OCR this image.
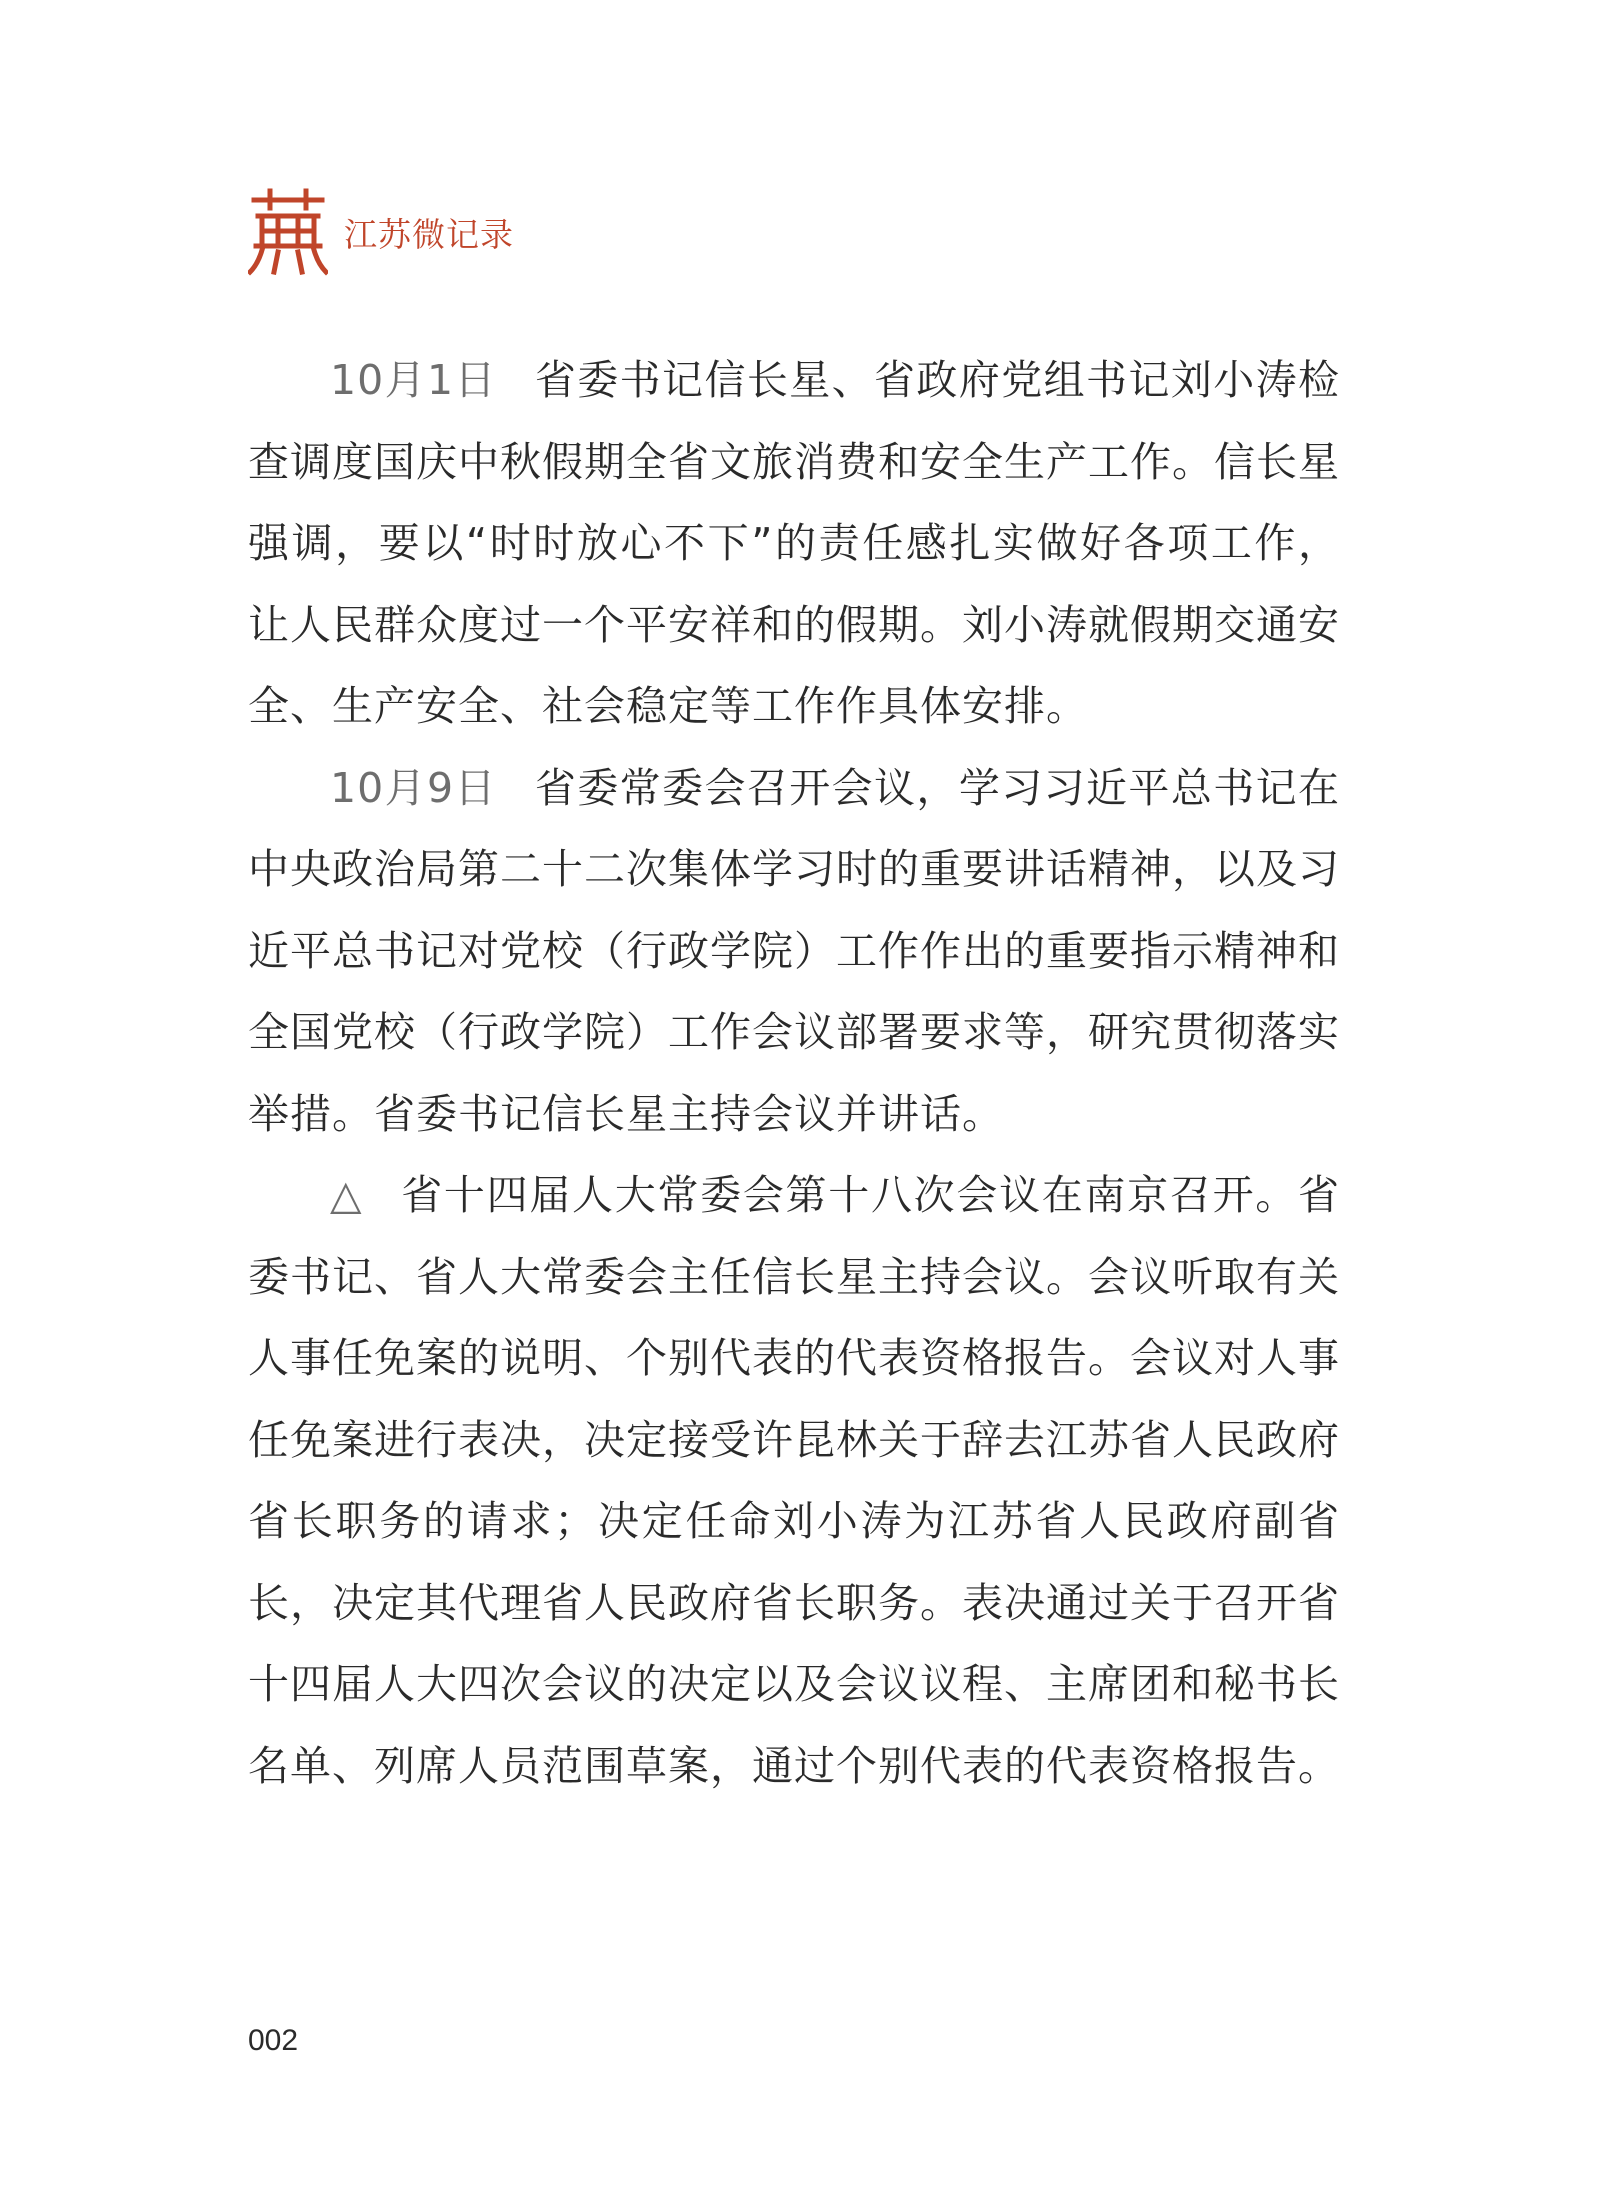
江苏微记录

10月1日 省委书记信长星、省政府党组书记刘小涛检查调度国庆中秋假期全省文旅消费和安全生产工作。信长星强调，要以“时时放心不下”的责任感扎实做好各项工作，让人民群众度过一个平安祥和的假期。刘小涛就假期交通安全、生产安全、社会稳定等工作作具体安排。

10月9日 省委常委会召开会议，学习习近平总书记在中央政治局第二十二次集体学习时的重要讲话精神，以及习近平总书记对党校（行政学院）工作作出的重要指示精神和全国党校（行政学院）工作会议部署要求等，研究贯彻落实举措。省委书记信长星主持会议并讲话。

△ 省十四届人大常委会第十八次会议在南京召开。省委书记、省人大常委会主任信长星主持会议。会议听取有关人事任免案的说明、个别代表的代表资格报告。会议对人事任免案进行表决，决定接受许昆林关于辞去江苏省人民政府省长职务的请求；决定任命刘小涛为江苏省人民政府副省长，决定其代理省人民政府省长职务。表决通过关于召开省十四届人大四次会议的决定以及会议议程、主席团和秘书长名单、列席人员范围草案，通过个别代表的代表资格报告。

002
